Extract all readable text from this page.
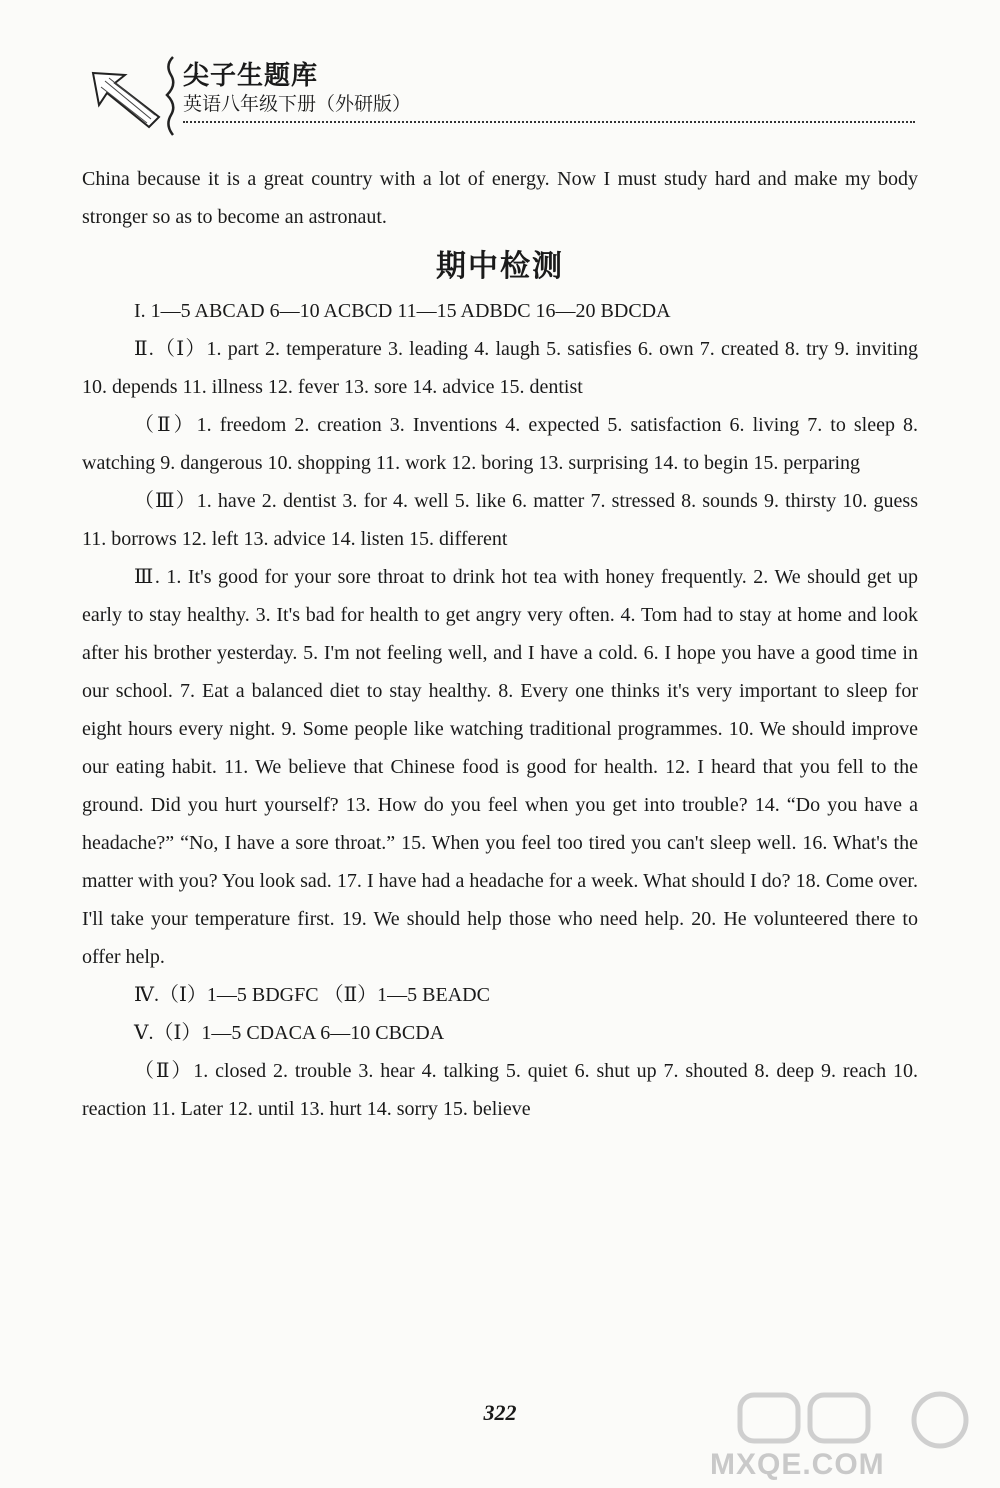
尖子生题库
英语八年级下册（外研版）

China because it is a great country with a lot of energy. Now I must study hard and make my body stronger so as to become an astronaut.

期中检测

I. 1—5 ABCAD 6—10 ACBCD 11—15 ADBDC 16—20 BDCDA

Ⅱ.（Ⅰ）1. part 2. temperature 3. leading 4. laugh 5. satisfies 6. own 7. created 8. try 9. inviting 10. depends 11. illness 12. fever 13. sore 14. advice 15. dentist

（Ⅱ）1. freedom 2. creation 3. Inventions 4. expected 5. satisfaction 6. living 7. to sleep 8. watching 9. dangerous 10. shopping 11. work 12. boring 13. surprising 14. to begin 15. perparing

（Ⅲ）1. have 2. dentist 3. for 4. well 5. like 6. matter 7. stressed 8. sounds 9. thirsty 10. guess 11. borrows 12. left 13. advice 14. listen 15. different

Ⅲ. 1. It's good for your sore throat to drink hot tea with honey frequently. 2. We should get up early to stay healthy. 3. It's bad for health to get angry very often. 4. Tom had to stay at home and look after his brother yesterday. 5. I'm not feeling well, and I have a cold. 6. I hope you have a good time in our school. 7. Eat a balanced diet to stay healthy. 8. Every one thinks it's very important to sleep for eight hours every night. 9. Some people like watching traditional programmes. 10. We should improve our eating habit. 11. We believe that Chinese food is good for health. 12. I heard that you fell to the ground. Did you hurt yourself? 13. How do you feel when you get into trouble? 14. “Do you have a headache?” “No, I have a sore throat.” 15. When you feel too tired you can't sleep well. 16. What's the matter with you? You look sad. 17. I have had a headache for a week. What should I do? 18. Come over. I'll take your temperature first. 19. We should help those who need help. 20. He volunteered there to offer help.

Ⅳ.（Ⅰ）1—5 BDGFC （Ⅱ）1—5 BEADC

Ⅴ.（Ⅰ）1—5 CDACA 6—10 CBCDA

（Ⅱ）1. closed 2. trouble 3. hear 4. talking 5. quiet 6. shut up 7. shouted 8. deep 9. reach 10. reaction 11. Later 12. until 13. hurt 14. sorry 15. believe

322
MXQE.COM
